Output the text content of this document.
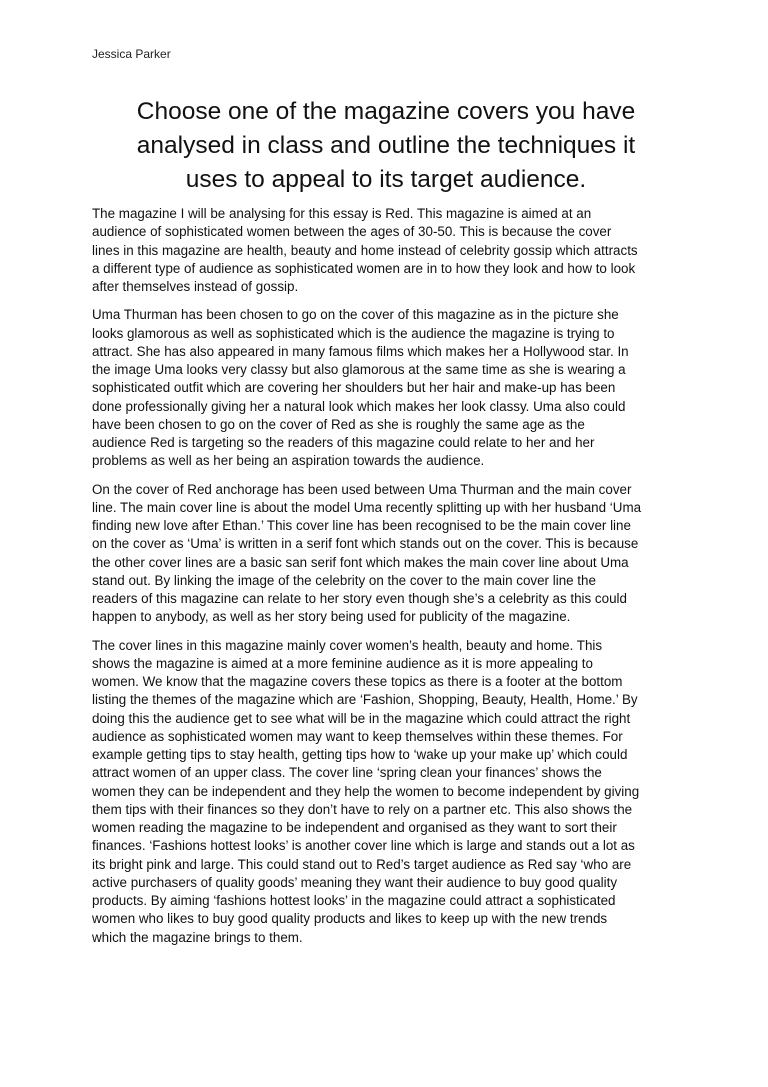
Jessica Parker
Choose one of the magazine covers you have
analysed in class and outline the techniques it
uses to appeal to its target audience.

The magazine I will be analysing for this essay is Red. This magazine is aimed at an
audience of sophisticated women between the ages of 30-50. This is because the cover
lines in this magazine are health, beauty and home instead of celebrity gossip which attracts
a different type of audience as sophisticated women are in to how they look and how to look
after themselves instead of gossip.

Uma Thurman has been chosen to go on the cover of this magazine as in the picture she
looks glamorous as well as sophisticated which is the audience the magazine is trying to
attract. She has also appeared in many famous films which makes her a Hollywood star. In
the image Uma looks very classy but also glamorous at the same time as she is wearing a
sophisticated outfit which are covering her shoulders but her hair and make-up has been
done professionally giving her a natural look which makes her look classy. Uma also could
have been chosen to go on the cover of Red as she is roughly the same age as the
audience Red is targeting so the readers of this magazine could relate to her and her
problems as well as her being an aspiration towards the audience.

On the cover of Red anchorage has been used between Uma Thurman and the main cover
line. The main cover line is about the model Uma recently splitting up with her husband ‘Uma
finding new love after Ethan.’ This cover line has been recognised to be the main cover line
on the cover as ‘Uma’ is written in a serif font which stands out on the cover. This is because
the other cover lines are a basic san serif font which makes the main cover line about Uma
stand out. By linking the image of the celebrity on the cover to the main cover line the
readers of this magazine can relate to her story even though she’s a celebrity as this could
happen to anybody, as well as her story being used for publicity of the magazine.

The cover lines in this magazine mainly cover women’s health, beauty and home. This
shows the magazine is aimed at a more feminine audience as it is more appealing to
women. We know that the magazine covers these topics as there is a footer at the bottom
listing the themes of the magazine which are ‘Fashion, Shopping, Beauty, Health, Home.’ By
doing this the audience get to see what will be in the magazine which could attract the right
audience as sophisticated women may want to keep themselves within these themes. For
example getting tips to stay health, getting tips how to ‘wake up your make up’ which could
attract women of an upper class. The cover line ‘spring clean your finances’ shows the
women they can be independent and they help the women to become independent by giving
them tips with their finances so they don’t have to rely on a partner etc. This also shows the
women reading the magazine to be independent and organised as they want to sort their
finances. ‘Fashions hottest looks’ is another cover line which is large and stands out a lot as
its bright pink and large. This could stand out to Red’s target audience as Red say ‘who are
active purchasers of quality goods’ meaning they want their audience to buy good quality
products. By aiming ‘fashions hottest looks’ in the magazine could attract a sophisticated
women who likes to buy good quality products and likes to keep up with the new trends
which the magazine brings to them.
